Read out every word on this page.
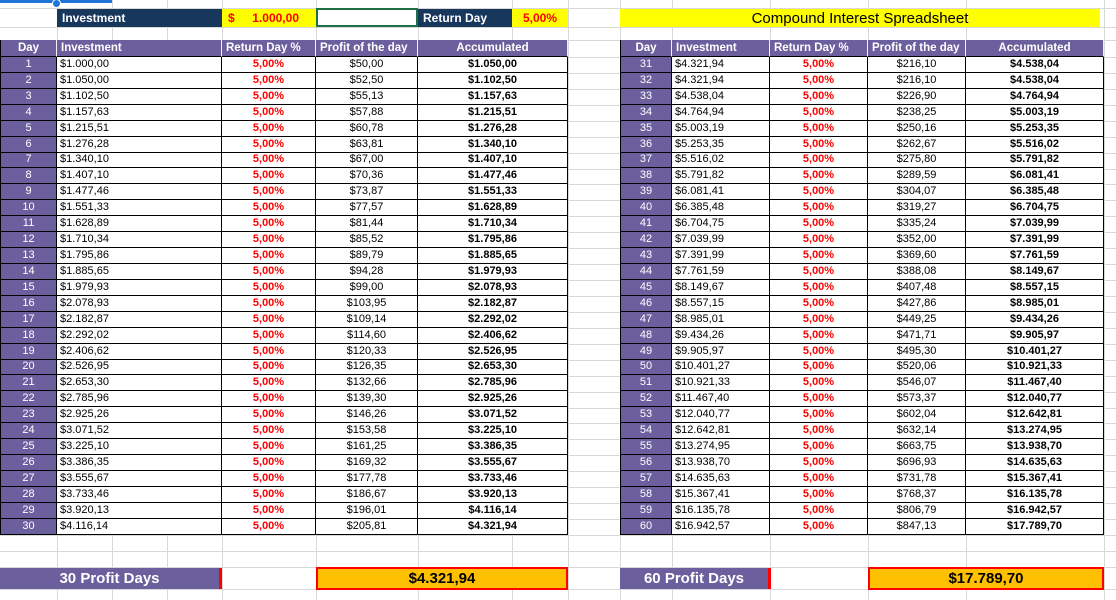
Investment	$ 1.000,00	Return Day	5,00%	Compound Interest Spreadsheet
Day	Investment	Return Day %	Profit of the day	Accumulated
1	$1.000,00	5,00%	$50,00	$1.050,00
2	$1.050,00	5,00%	$52,50	$1.102,50
3	$1.102,50	5,00%	$55,13	$1.157,63
4	$1.157,63	5,00%	$57,88	$1.215,51
5	$1.215,51	5,00%	$60,78	$1.276,28
6	$1.276,28	5,00%	$63,81	$1.340,10
7	$1.340,10	5,00%	$67,00	$1.407,10
8	$1.407,10	5,00%	$70,36	$1.477,46
9	$1.477,46	5,00%	$73,87	$1.551,33
10	$1.551,33	5,00%	$77,57	$1.628,89
11	$1.628,89	5,00%	$81,44	$1.710,34
12	$1.710,34	5,00%	$85,52	$1.795,86
13	$1.795,86	5,00%	$89,79	$1.885,65
14	$1.885,65	5,00%	$94,28	$1.979,93
15	$1.979,93	5,00%	$99,00	$2.078,93
16	$2.078,93	5,00%	$103,95	$2.182,87
17	$2.182,87	5,00%	$109,14	$2.292,02
18	$2.292,02	5,00%	$114,60	$2.406,62
19	$2.406,62	5,00%	$120,33	$2.526,95
20	$2.526,95	5,00%	$126,35	$2.653,30
21	$2.653,30	5,00%	$132,66	$2.785,96
22	$2.785,96	5,00%	$139,30	$2.925,26
23	$2.925,26	5,00%	$146,26	$3.071,52
24	$3.071,52	5,00%	$153,58	$3.225,10
25	$3.225,10	5,00%	$161,25	$3.386,35
26	$3.386,35	5,00%	$169,32	$3.555,67
27	$3.555,67	5,00%	$177,78	$3.733,46
28	$3.733,46	5,00%	$186,67	$3.920,13
29	$3.920,13	5,00%	$196,01	$4.116,14
30	$4.116,14	5,00%	$205,81	$4.321,94
Day	Investment	Return Day %	Profit of the day	Accumulated
31	$4.321,94	5,00%	$216,10	$4.538,04
32	$4.321,94	5,00%	$216,10	$4.538,04
33	$4.538,04	5,00%	$226,90	$4.764,94
34	$4.764,94	5,00%	$238,25	$5.003,19
35	$5.003,19	5,00%	$250,16	$5.253,35
36	$5.253,35	5,00%	$262,67	$5.516,02
37	$5.516,02	5,00%	$275,80	$5.791,82
38	$5.791,82	5,00%	$289,59	$6.081,41
39	$6.081,41	5,00%	$304,07	$6.385,48
40	$6.385,48	5,00%	$319,27	$6.704,75
41	$6.704,75	5,00%	$335,24	$7.039,99
42	$7.039,99	5,00%	$352,00	$7.391,99
43	$7.391,99	5,00%	$369,60	$7.761,59
44	$7.761,59	5,00%	$388,08	$8.149,67
45	$8.149,67	5,00%	$407,48	$8.557,15
46	$8.557,15	5,00%	$427,86	$8.985,01
47	$8.985,01	5,00%	$449,25	$9.434,26
48	$9.434,26	5,00%	$471,71	$9.905,97
49	$9.905,97	5,00%	$495,30	$10.401,27
50	$10.401,27	5,00%	$520,06	$10.921,33
51	$10.921,33	5,00%	$546,07	$11.467,40
52	$11.467,40	5,00%	$573,37	$12.040,77
53	$12.040,77	5,00%	$602,04	$12.642,81
54	$12.642,81	5,00%	$632,14	$13.274,95
55	$13.274,95	5,00%	$663,75	$13.938,70
56	$13.938,70	5,00%	$696,93	$14.635,63
57	$14.635,63	5,00%	$731,78	$15.367,41
58	$15.367,41	5,00%	$768,37	$16.135,78
59	$16.135,78	5,00%	$806,79	$16.942,57
60	$16.942,57	5,00%	$847,13	$17.789,70
30 Profit Days	$4.321,94	60 Profit Days	$17.789,70
